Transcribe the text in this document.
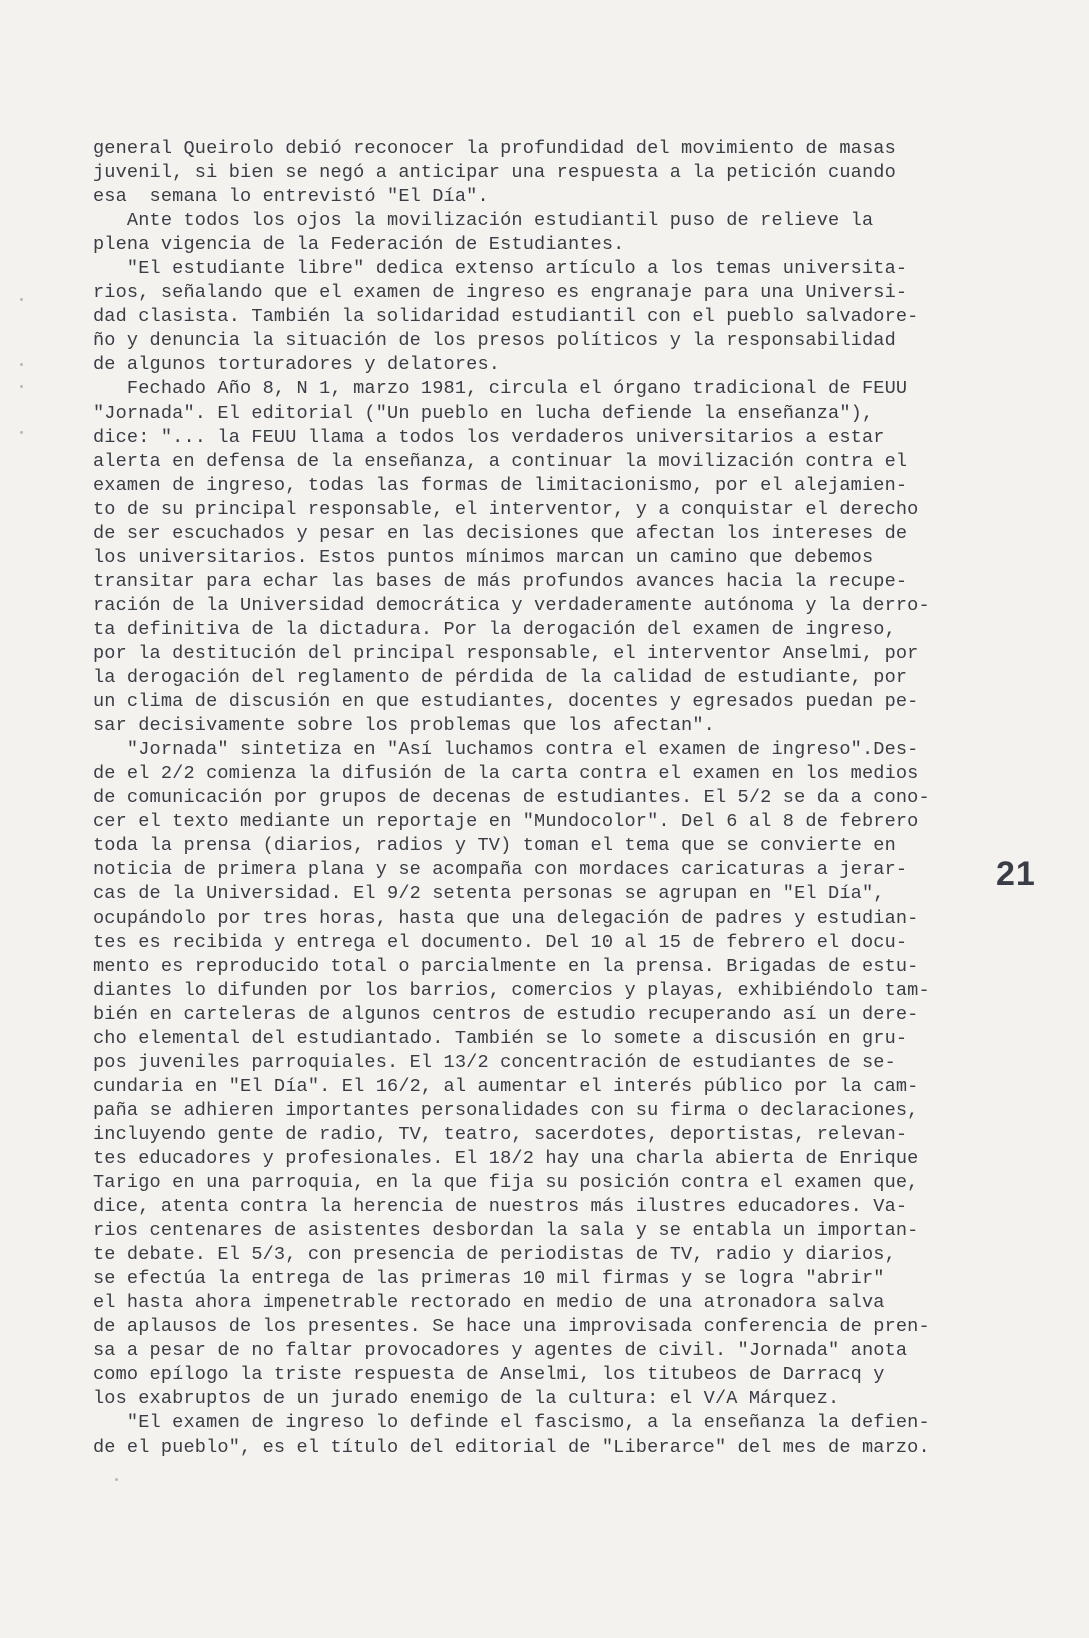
general Queirolo debió reconocer la profundidad del movimiento de masas
juvenil, si bien se negó a anticipar una respuesta a la petición cuando
esa  semana lo entrevistó "El Día".
Ante todos los ojos la movilización estudiantil puso de relieve la
plena vigencia de la Federación de Estudiantes.
"El estudiante libre" dedica extenso artículo a los temas universita-
rios, señalando que el examen de ingreso es engranaje para una Universi-
dad clasista. También la solidaridad estudiantil con el pueblo salvadore-
ño y denuncia la situación de los presos políticos y la responsabilidad
de algunos torturadores y delatores.
Fechado Año 8, N 1, marzo 1981, circula el órgano tradicional de FEUU
"Jornada". El editorial ("Un pueblo en lucha defiende la enseñanza"),
dice: "... la FEUU llama a todos los verdaderos universitarios a estar
alerta en defensa de la enseñanza, a continuar la movilización contra el
examen de ingreso, todas las formas de limitacionismo, por el alejamien-
to de su principal responsable, el interventor, y a conquistar el derecho
de ser escuchados y pesar en las decisiones que afectan los intereses de
los universitarios. Estos puntos mínimos marcan un camino que debemos
transitar para echar las bases de más profundos avances hacia la recupe-
ración de la Universidad democrática y verdaderamente autónoma y la derro-
ta definitiva de la dictadura. Por la derogación del examen de ingreso,
por la destitución del principal responsable, el interventor Anselmi, por
la derogación del reglamento de pérdida de la calidad de estudiante, por
un clima de discusión en que estudiantes, docentes y egresados puedan pe-
sar decisivamente sobre los problemas que los afectan".
"Jornada" sintetiza en "Así luchamos contra el examen de ingreso".Des-
de el 2/2 comienza la difusión de la carta contra el examen en los medios
de comunicación por grupos de decenas de estudiantes. El 5/2 se da a cono-
cer el texto mediante un reportaje en "Mundocolor". Del 6 al 8 de febrero
toda la prensa (diarios, radios y TV) toman el tema que se convierte en
noticia de primera plana y se acompaña con mordaces caricaturas a jerar-
cas de la Universidad. El 9/2 setenta personas se agrupan en "El Día",
ocupándolo por tres horas, hasta que una delegación de padres y estudian-
tes es recibida y entrega el documento. Del 10 al 15 de febrero el docu-
mento es reproducido total o parcialmente en la prensa. Brigadas de estu-
diantes lo difunden por los barrios, comercios y playas, exhibiéndolo tam-
bién en carteleras de algunos centros de estudio recuperando así un dere-
cho elemental del estudiantado. También se lo somete a discusión en gru-
pos juveniles parroquiales. El 13/2 concentración de estudiantes de se-
cundaria en "El Día". El 16/2, al aumentar el interés público por la cam-
paña se adhieren importantes personalidades con su firma o declaraciones,
incluyendo gente de radio, TV, teatro, sacerdotes, deportistas, relevan-
tes educadores y profesionales. El 18/2 hay una charla abierta de Enrique
Tarigo en una parroquia, en la que fija su posición contra el examen que,
dice, atenta contra la herencia de nuestros más ilustres educadores. Va-
rios centenares de asistentes desbordan la sala y se entabla un importan-
te debate. El 5/3, con presencia de periodistas de TV, radio y diarios,
se efectúa la entrega de las primeras 10 mil firmas y se logra "abrir"
el hasta ahora impenetrable rectorado en medio de una atronadora salva
de aplausos de los presentes. Se hace una improvisada conferencia de pren-
sa a pesar de no faltar provocadores y agentes de civil. "Jornada" anota
como epílogo la triste respuesta de Anselmi, los titubeos de Darracq y
los exabruptos de un jurado enemigo de la cultura: el V/A Márquez.
"El examen de ingreso lo definde el fascismo, a la enseñanza la defien-
de el pueblo", es el título del editorial de "Liberarce" del mes de marzo.
21
